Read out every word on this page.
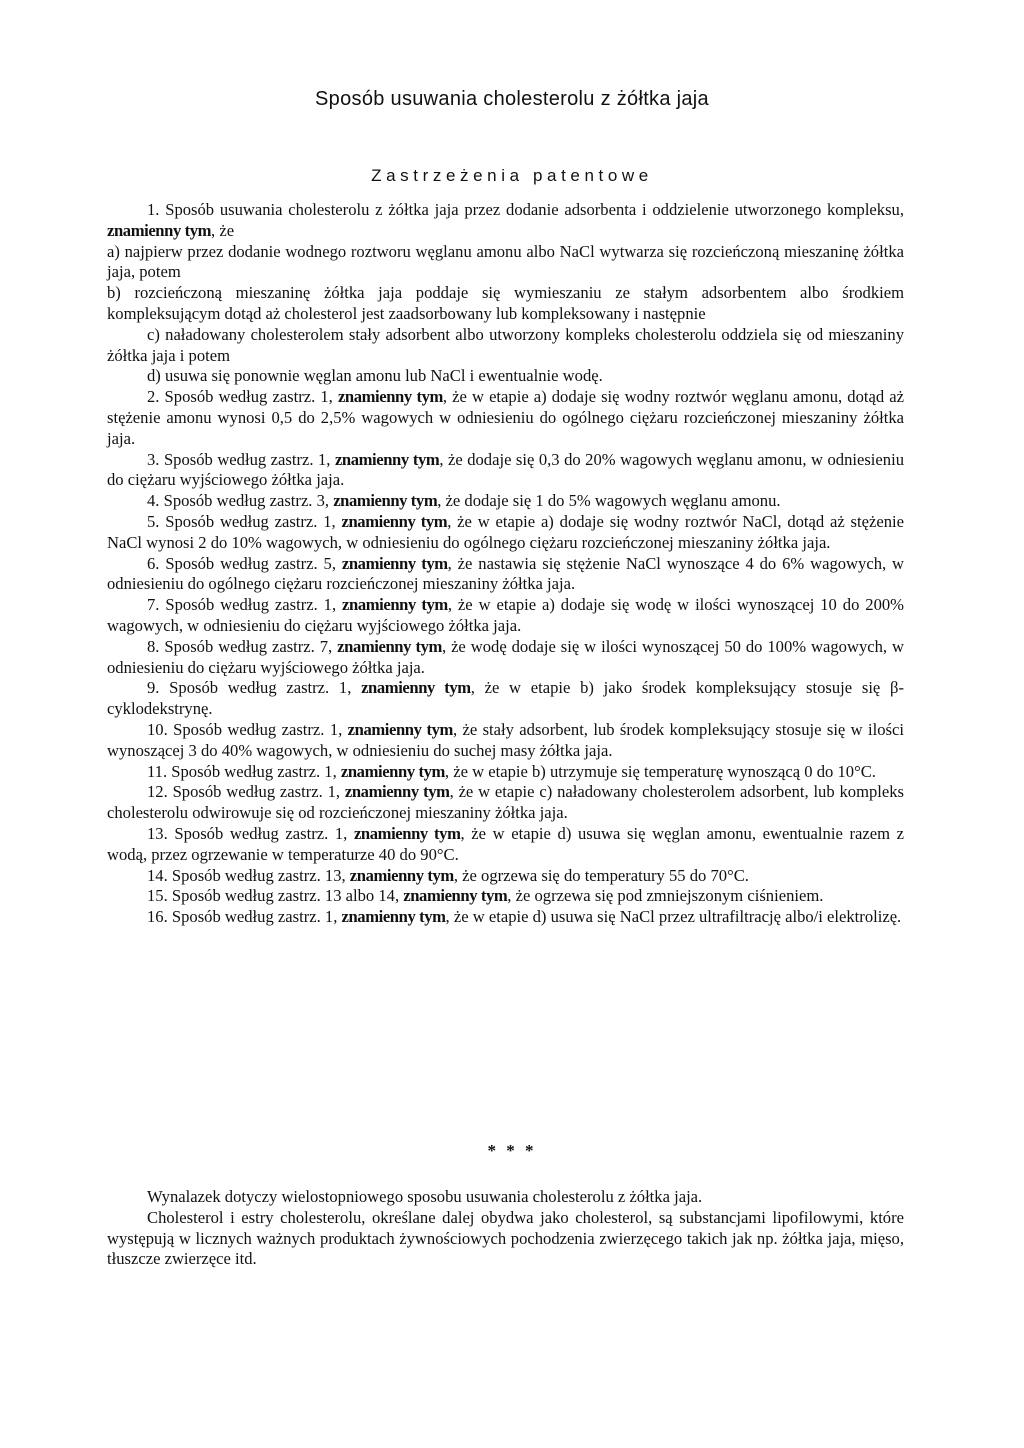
Sposób usuwania cholesterolu z żółtka jaja
Zastrzeżenia patentowe

1. Sposób usuwania cholesterolu z żółtka jaja przez dodanie adsorbenta i oddzielenie utworzonego kompleksu, znamienny tym, że

a) najpierw przez dodanie wodnego roztworu węglanu amonu albo NaCl wytwarza się rozcieńczoną mieszaninę żółtka jaja, potem

b) rozcieńczoną mieszaninę żółtka jaja poddaje się wymieszaniu ze stałym adsorbentem albo środkiem kompleksującym dotąd aż cholesterol jest zaadsorbowany lub kompleksowany i następnie

c) naładowany cholesterolem stały adsorbent albo utworzony kompleks cholesterolu oddziela się od mieszaniny żółtka jaja i potem

d) usuwa się ponownie węglan amonu lub NaCl i ewentualnie wodę.

2. Sposób według zastrz. 1, znamienny tym, że w etapie a) dodaje się wodny roztwór węglanu amonu, dotąd aż stężenie amonu wynosi 0,5 do 2,5% wagowych w odniesieniu do ogólnego ciężaru rozcieńczonej mieszaniny żółtka jaja.

3. Sposób według zastrz. 1, znamienny tym, że dodaje się 0,3 do 20% wagowych węglanu amonu, w odniesieniu do ciężaru wyjściowego żółtka jaja.

4. Sposób według zastrz. 3, znamienny tym, że dodaje się 1 do 5% wagowych węglanu amonu.

5. Sposób według zastrz. 1, znamienny tym, że w etapie a) dodaje się wodny roztwór NaCl, dotąd aż stężenie NaCl wynosi 2 do 10% wagowych, w odniesieniu do ogólnego ciężaru rozcieńczonej mieszaniny żółtka jaja.

6. Sposób według zastrz. 5, znamienny tym, że nastawia się stężenie NaCl wynoszące 4 do 6% wagowych, w odniesieniu do ogólnego ciężaru rozcieńczonej mieszaniny żółtka jaja.

7. Sposób według zastrz. 1, znamienny tym, że w etapie a) dodaje się wodę w ilości wynoszącej 10 do 200% wagowych, w odniesieniu do ciężaru wyjściowego żółtka jaja.

8. Sposób według zastrz. 7, znamienny tym, że wodę dodaje się w ilości wynoszącej 50 do 100% wagowych, w odniesieniu do ciężaru wyjściowego żółtka jaja.

9. Sposób według zastrz. 1, znamienny tym, że w etapie b) jako środek kompleksujący stosuje się β-cyklodekstrynę.

10. Sposób według zastrz. 1, znamienny tym, że stały adsorbent, lub środek kompleksujący stosuje się w ilości wynoszącej 3 do 40% wagowych, w odniesieniu do suchej masy żółtka jaja.

11. Sposób według zastrz. 1, znamienny tym, że w etapie b) utrzymuje się temperaturę wynoszącą 0 do 10°C.

12. Sposób według zastrz. 1, znamienny tym, że w etapie c) naładowany cholesterolem adsorbent, lub kompleks cholesterolu odwirowuje się od rozcieńczonej mieszaniny żółtka jaja.

13. Sposób według zastrz. 1, znamienny tym, że w etapie d) usuwa się węglan amonu, ewentualnie razem z wodą, przez ogrzewanie w temperaturze 40 do 90°C.

14. Sposób według zastrz. 13, znamienny tym, że ogrzewa się do temperatury 55 do 70°C.

15. Sposób według zastrz. 13 albo 14, znamienny tym, że ogrzewa się pod zmniejszonym ciśnieniem.

16. Sposób według zastrz. 1, znamienny tym, że w etapie d) usuwa się NaCl przez ultrafiltrację albo/i elektrolizę.

* * *

Wynalazek dotyczy wielostopniowego sposobu usuwania cholesterolu z żółtka jaja.

Cholesterol i estry cholesterolu, określane dalej obydwa jako cholesterol, są substancjami lipofilowymi, które występują w licznych ważnych produktach żywnościowych pochodzenia zwierzęcego takich jak np. żółtka jaja, mięso, tłuszcze zwierzęce itd.
